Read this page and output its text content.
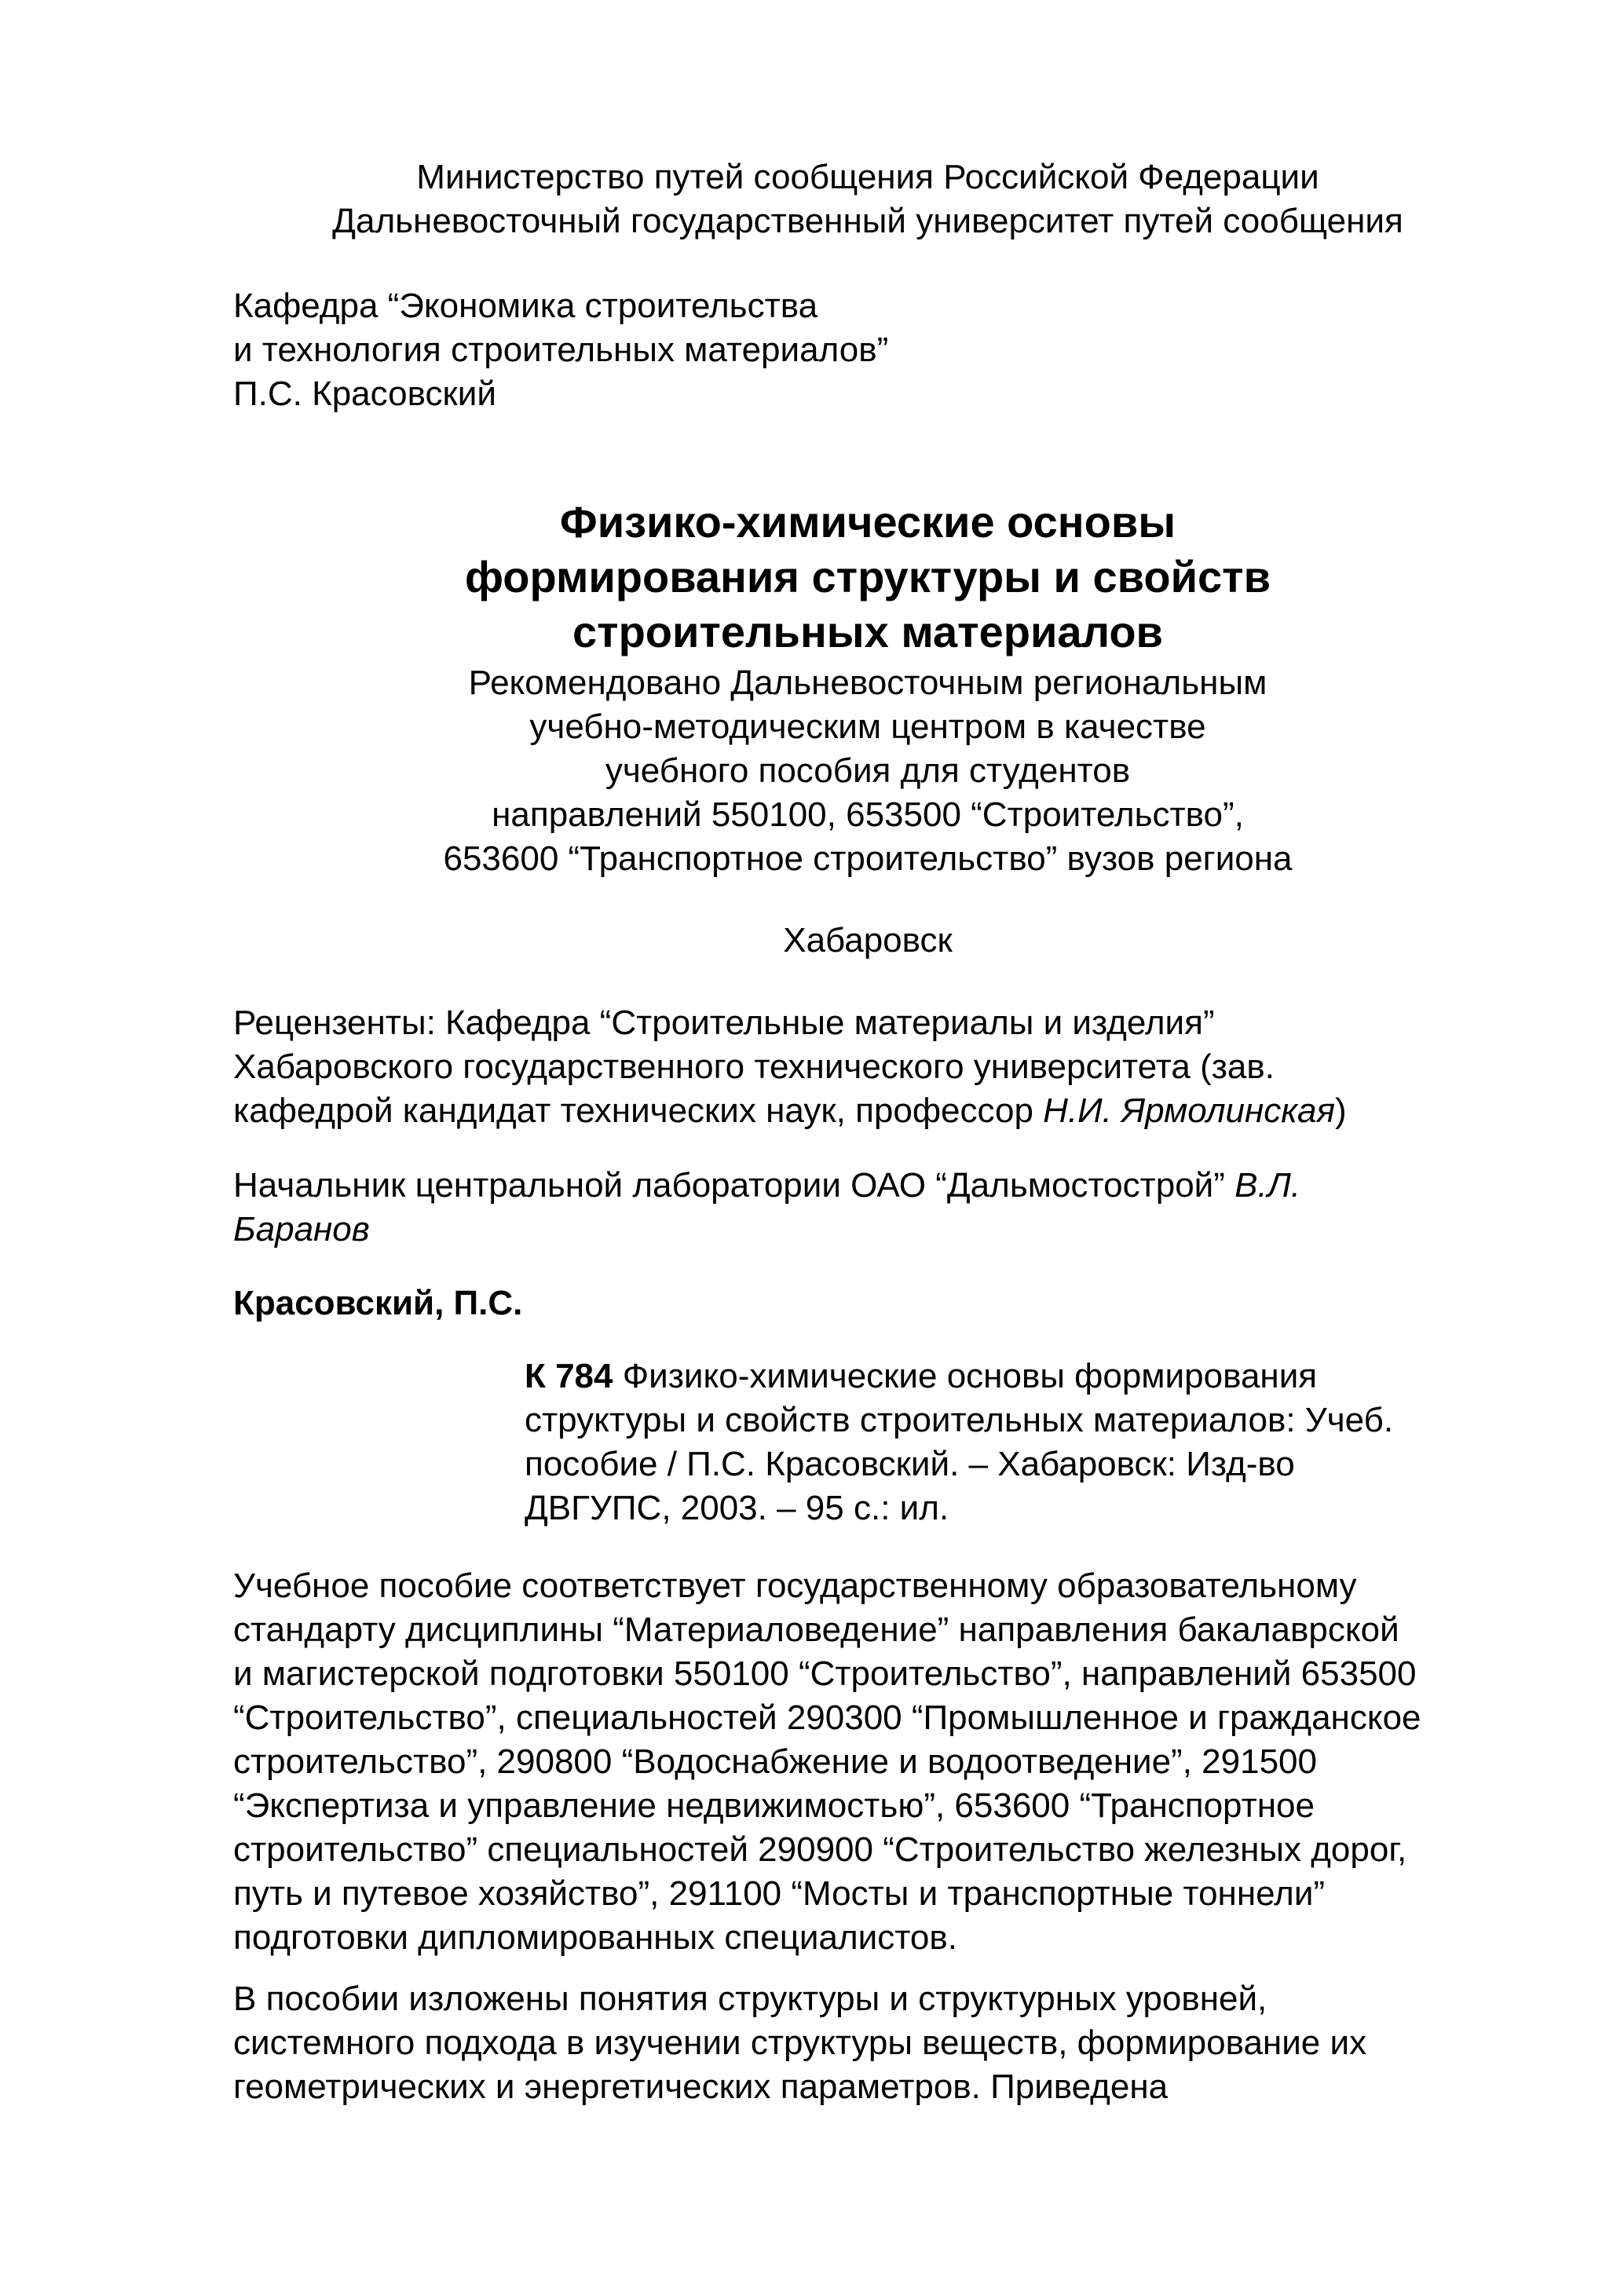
Министерство путей сообщения Российской Федерации
Дальневосточный государственный университет путей сообщения
Кафедра “Экономика строительства
и технология строительных материалов”
П.С. Красовский
Физико-химические основы
формирования структуры и свойств
строительных материалов
Рекомендовано Дальневосточным региональным
учебно-методическим центром в качестве
учебного пособия для студентов
направлений 550100, 653500 “Строительство”,
653600 “Транспортное строительство” вузов региона
Хабаровск
Рецензенты: Кафедра “Строительные материалы и изделия”
Хабаровского государственного технического университета (зав.
кафедрой кандидат технических наук, профессор Н.И. Ярмолинская)
Начальник центральной лаборатории ОАО “Дальмостострой” В.Л.
Баранов
Красовский, П.С.
К 784 Физико-химические основы формирования
структуры и свойств строительных материалов: Учеб.
пособие / П.С. Красовский. – Хабаровск: Изд-во
ДВГУПС, 2003. – 95 с.: ил.
Учебное пособие соответствует государственному образовательному
стандарту дисциплины “Материаловедение” направления бакалаврской
и магистерской подготовки 550100 “Строительство”, направлений 653500
“Строительство”, специальностей 290300 “Промышленное и гражданское
строительство”, 290800 “Водоснабжение и водоотведение”, 291500
“Экспертиза и управление недвижимостью”, 653600 “Транспортное
строительство” специальностей 290900 “Строительство железных дорог,
путь и путевое хозяйство”, 291100 “Мосты и транспортные тоннели”
подготовки дипломированных специалистов.
В пособии изложены понятия структуры и структурных уровней,
системного подхода в изучении структуры веществ, формирование их
геометрических и энергетических параметров. Приведена
